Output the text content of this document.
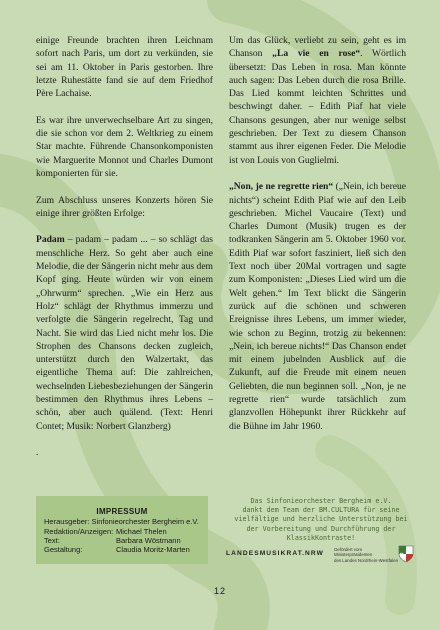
einige Freunde brachten ihren Leichnam sofort nach Paris, um dort zu verkünden, sie sei am 11. Oktober in Paris gestorben. Ihre letzte Ruhestätte fand sie auf dem Friedhof Père Lachaise.

Es war ihre unverwechselbare Art zu singen, die sie schon vor dem 2. Weltkrieg zu einem Star machte. Führende Chansonkomponisten wie Marguerite Monnot und Charles Dumont komponierten für sie.

Zum Abschluss unseres Konzerts hören Sie einige ihrer größten Erfolge:

Padam – padam – padam ... – so schlägt das menschliche Herz. So geht aber auch eine Melodie, die der Sängerin nicht mehr aus dem Kopf ging. Heute würden wir von einem „Ohrwurm“ sprechen. „Wie ein Herz aus Holz“ schlägt der Rhythmus immerzu und verfolgte die Sängerin regelrecht, Tag und Nacht. Sie wird das Lied nicht mehr los. Die Strophen des Chansons decken zugleich, unterstützt durch den Walzertakt, das eigentliche Thema auf: Die zahlreichen, wechselnden Liebesbeziehungen der Sängerin bestimmen den Rhythmus ihres Lebens – schön, aber auch quälend. (Text: Henri Contet; Musik: Norbert Glanzberg)

.

Um das Glück, verliebt zu sein, geht es im Chanson „La vie en rose“. Wörtlich übersetzt: Das Leben in rosa. Man könnte auch sagen: Das Leben durch die rosa Brille. Das Lied kommt leichten Schrittes und beschwingt daher. – Edith Piaf hat viele Chansons gesungen, aber nur wenige selbst geschrieben. Der Text zu diesem Chanson stammt aus ihrer eigenen Feder. Die Melodie ist von Louis von Guglielmi.

„Non, je ne regrette rien“ („Nein, ich bereue nichts“) scheint Edith Piaf wie auf den Leib geschrieben. Michel Vaucaire (Text) und Charles Dumont (Musik) trugen es der todkranken Sängerin am 5. Oktober 1960 vor. Edith Piaf war sofort fasziniert, ließ sich den Text noch über 20Mal vortragen und sagte zum Komponisten: „Dieses Lied wird um die Welt gehen.“ Im Text blickt die Sängerin zurück auf die schönen und schweren Ereignisse ihres Lebens, um immer wieder, wie schon zu Beginn, trotzig zu bekennen: „Nein, ich bereue nichts!“ Das Chanson endet mit einem jubelnden Ausblick auf die Zukunft, auf die Freude mit einem neuen Geliebten, die nun beginnen soll. „Non, je ne regrette rien“ wurde tatsächlich zum glanzvollen Höhepunkt ihrer Rückkehr auf die Bühne im Jahr 1960.

IMPRESSUM
Herausgeber: Sinfonieorchester Bergheim e.V.
Redaktion/Anzeigen: Michael Thelen
Text:	Barbara Wöstmann
Gestaltung:	Claudia Moritz-Marten
Das Sinfonieorchester Bergheim e.V.
dankt dem Team der BM.CULTURA für seine
vielfältige und herzliche Unterstützung bei
der Vorbereitung und Durchführung der
KlassikKontraste!
LANDESMUSIKRAT.NRW
Gefördert vom Ministerpräsidenten
des Landes Nordrhein-Westfalen
12
